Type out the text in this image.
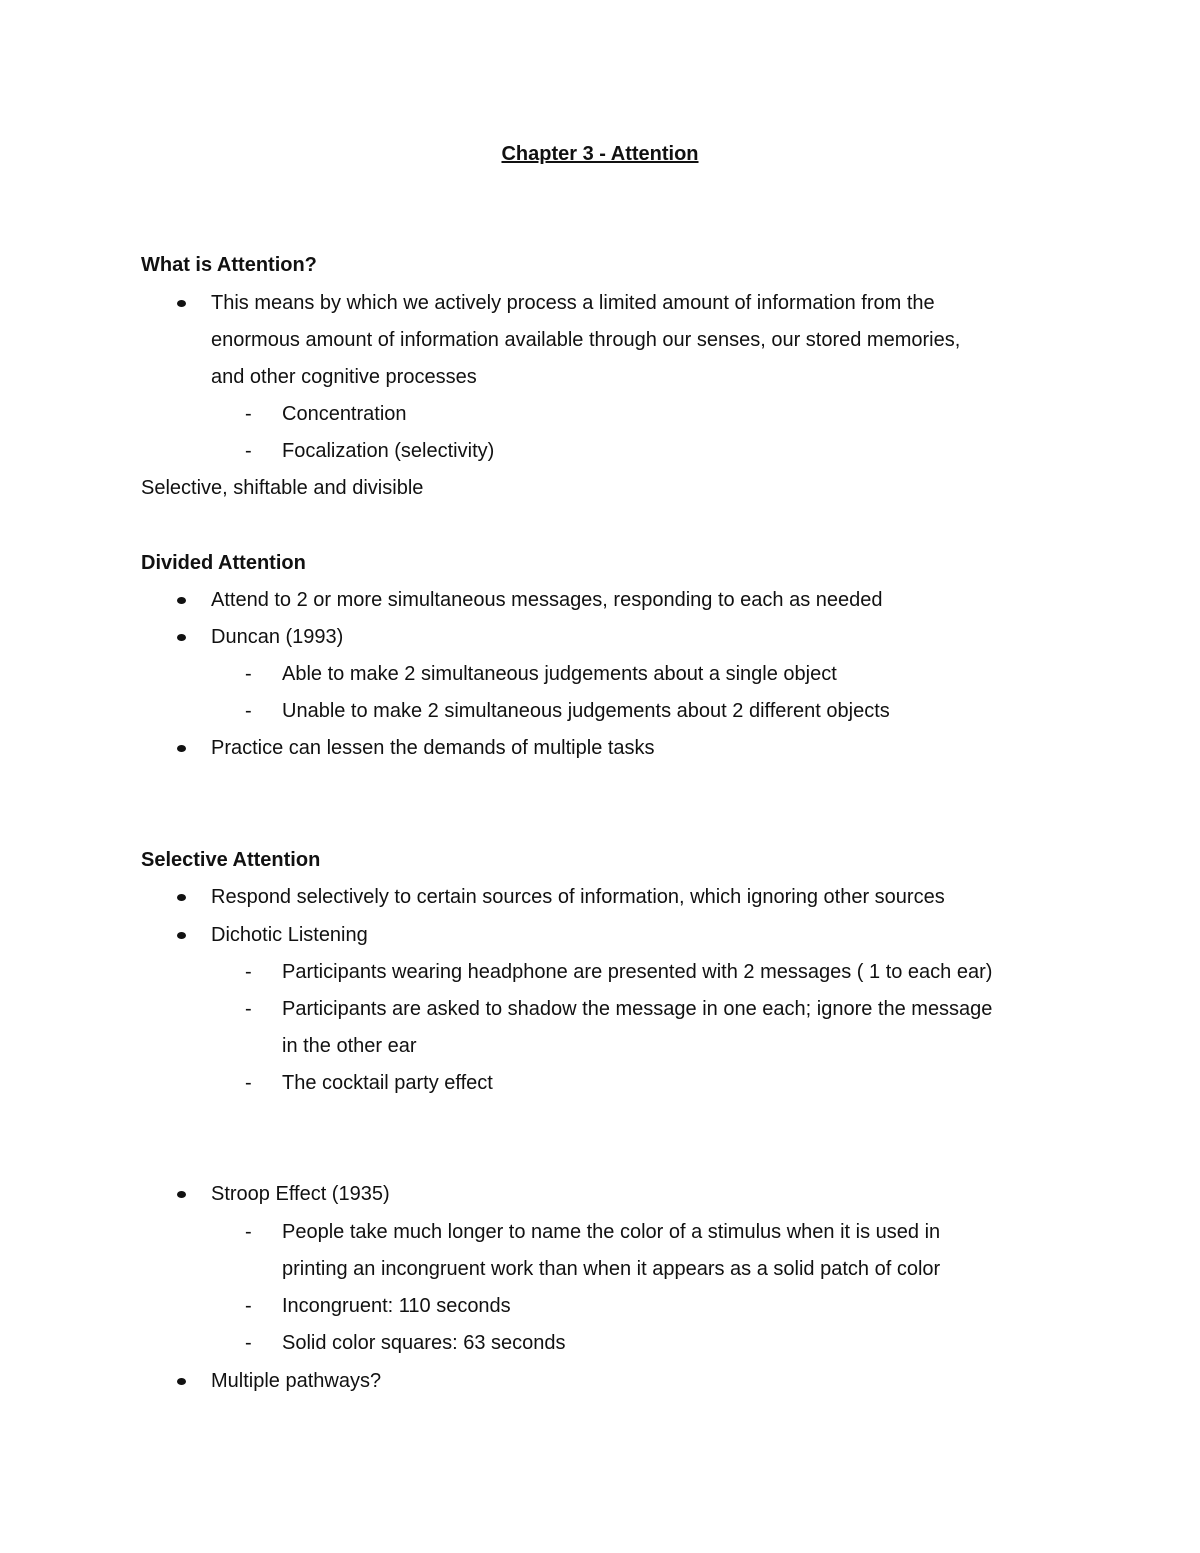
Chapter 3 - Attention
What is Attention?
This means by which we actively process a limited amount of information from the
enormous amount of information available through our senses, our stored memories,
and other cognitive processes
- Concentration
- Focalization (selectivity)
Selective, shiftable and divisible
Divided Attention
Attend to 2 or more simultaneous messages, responding to each as needed
Duncan (1993)
- Able to make 2 simultaneous judgements about a single object
- Unable to make 2 simultaneous judgements about 2 different objects
Practice can lessen the demands of multiple tasks
Selective Attention
Respond selectively to certain sources of information, which ignoring other sources
Dichotic Listening
- Participants wearing headphone are presented with 2 messages ( 1 to each ear)
- Participants are asked to shadow the message in one each; ignore the message
in the other ear
- The cocktail party effect
Stroop Effect (1935)
- People take much longer to name the color of a stimulus when it is used in
printing an incongruent work than when it appears as a solid patch of color
- Incongruent: 110 seconds
- Solid color squares: 63 seconds
Multiple pathways?
